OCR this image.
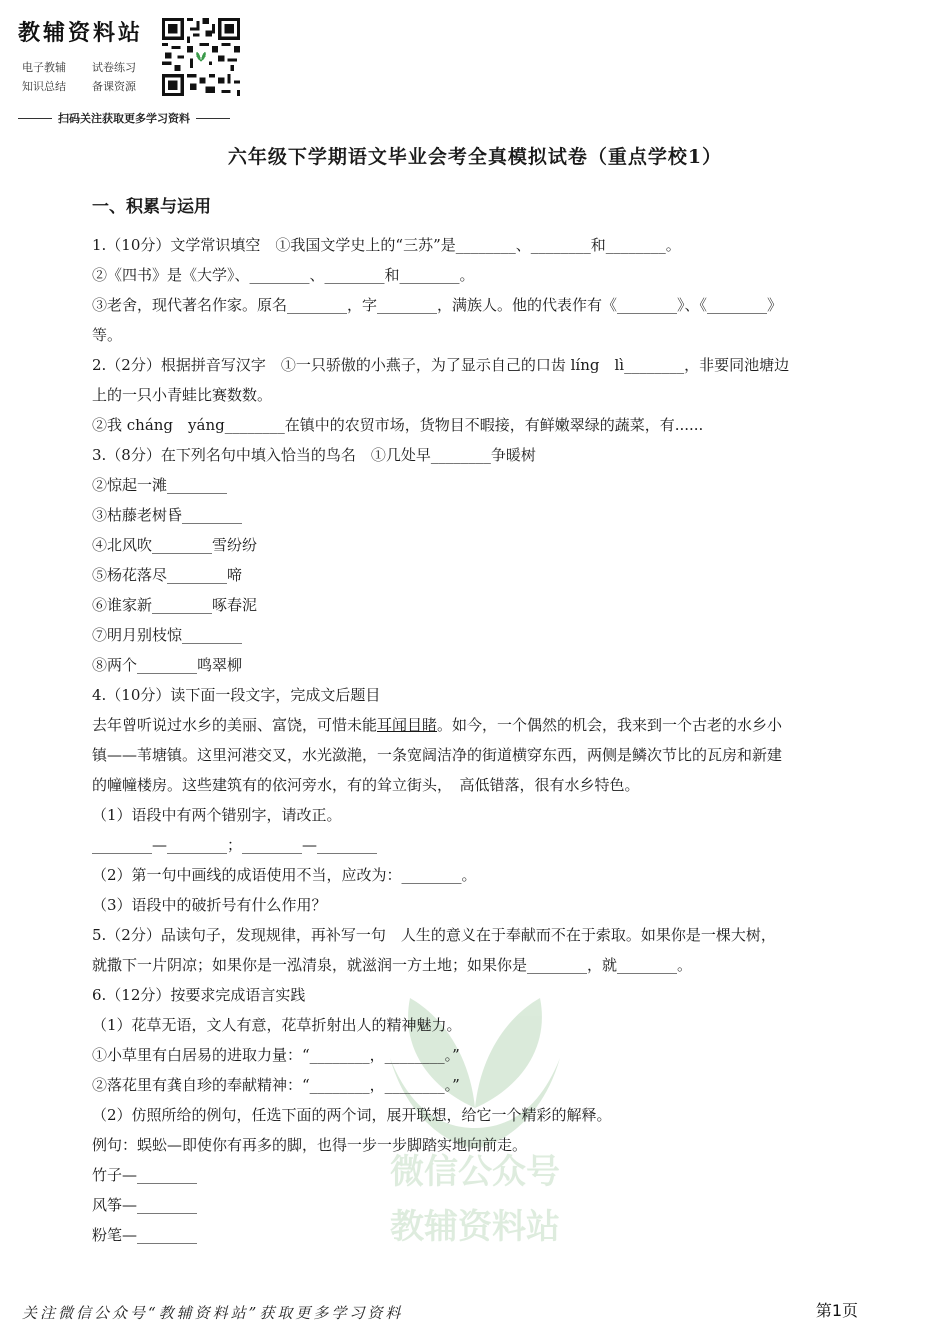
教辅资料站
电子教辅	试卷练习
知识总结	备课资源
扫码关注获取更多学习资料
微信公众号
教辅资料站
六年级下学期语文毕业会考全真模拟试卷（重点学校1）
一、积累与运用
1.（10分）文学常识填空　①我国文学史上的“三苏”是________、________和________。
②《四书》是《大学》、________、________和________。
③老舍，现代著名作家。原名________，字________，满族人。他的代表作有《________》、《________》
等。
2.（2分）根据拼音写汉字　①一只骄傲的小燕子，为了显示自己的口齿 líng　lì________，非要同池塘边
上的一只小青蛙比赛数数。
②我 cháng　yáng________在镇中的农贸市场，货物目不暇接，有鲜嫩翠绿的蔬菜，有......
3.（8分）在下列名句中填入恰当的鸟名　①几处早________争暖树
②惊起一滩________
③枯藤老树昏________
④北风吹________雪纷纷
⑤杨花落尽________啼
⑥谁家新________啄春泥
⑦明月别枝惊________
⑧两个________鸣翠柳
4.（10分）读下面一段文字，完成文后题目
去年曾听说过水乡的美丽、富饶，可惜未能耳闻目睹。如今，一个偶然的机会，我来到一个古老的水乡小
镇——苇塘镇。这里河港交叉，水光潋滟，一条宽阔洁净的街道横穿东西，两侧是鳞次节比的瓦房和新建
的幢幢楼房。这些建筑有的依河旁水，有的耸立街头，　高低错落，很有水乡特色。
（1）语段中有两个错别字，请改正。
________—________；________—________
（2）第一句中画线的成语使用不当，应改为：________。
（3）语段中的破折号有什么作用？
5.（2分）品读句子，发现规律，再补写一句　人生的意义在于奉献而不在于索取。如果你是一棵大树，
就撒下一片阴凉；如果你是一泓清泉，就滋润一方土地；如果你是________，就________。
6.（12分）按要求完成语言实践
（1）花草无语，文人有意，花草折射出人的精神魅力。
①小草里有白居易的进取力量：“________，________。”
②落花里有龚自珍的奉献精神：“________，________。”
（2）仿照所给的例句，任选下面的两个词，展开联想，给它一个精彩的解释。
例句：蜈蚣—即使你有再多的脚，也得一步一步脚踏实地向前走。
竹子—________
风筝—________
粉笔—________
关注微信公众号“教辅资料站”获取更多学习资料	第1页
